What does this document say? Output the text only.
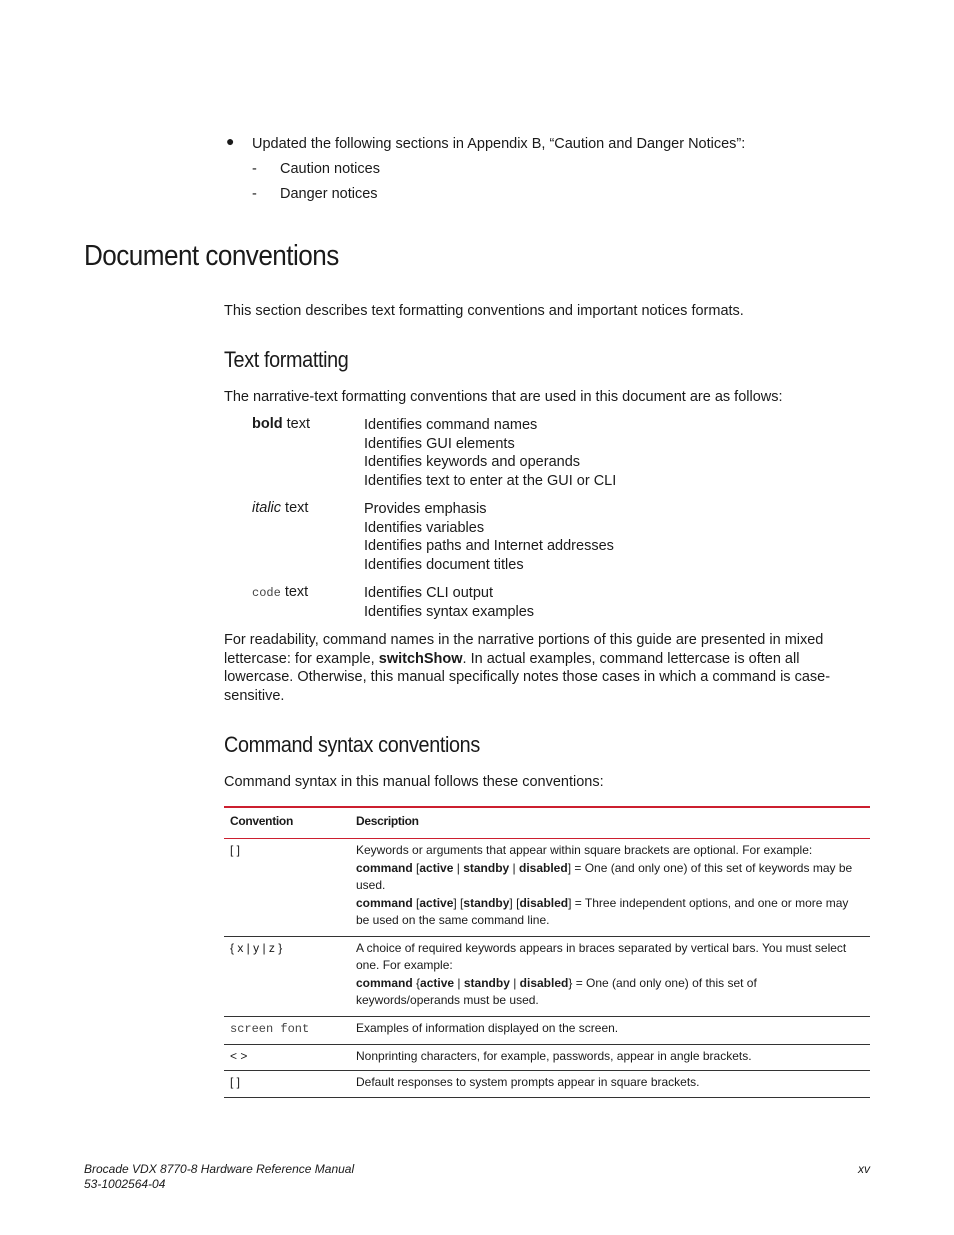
● Updated the following sections in Appendix B, “Caution and Danger Notices”:
- Caution notices
- Danger notices
Document conventions
This section describes text formatting conventions and important notices formats.
Text formatting
The narrative-text formatting conventions that are used in this document are as follows:
bold text	Identifies command names
Identifies GUI elements
Identifies keywords and operands
Identifies text to enter at the GUI or CLI
italic text	Provides emphasis
Identifies variables
Identifies paths and Internet addresses
Identifies document titles
code text	Identifies CLI output
Identifies syntax examples
For readability, command names in the narrative portions of this guide are presented in mixed lettercase: for example, switchShow. In actual examples, command lettercase is often all lowercase. Otherwise, this manual specifically notes those cases in which a command is case-sensitive.
Command syntax conventions
Command syntax in this manual follows these conventions:
Convention	Description
[ ]	Keywords or arguments that appear within square brackets are optional. For example:

command [active | standby | disabled] = One (and only one) of this set of keywords may be used.

command [active] [standby] [disabled] = Three independent options, and one or more may be used on the same command line.

{ x | y | z }	A choice of required keywords appears in braces separated by vertical bars. You must select one. For example:

command {active | standby | disabled} = One (and only one) of this set of keywords/operands must be used.

screen font	Examples of information displayed on the screen.
< >	Nonprinting characters, for example, passwords, appear in angle brackets.
[ ]	Default responses to system prompts appear in square brackets.
Brocade VDX 8770-8 Hardware Reference Manual
53-1002564-04
xv
